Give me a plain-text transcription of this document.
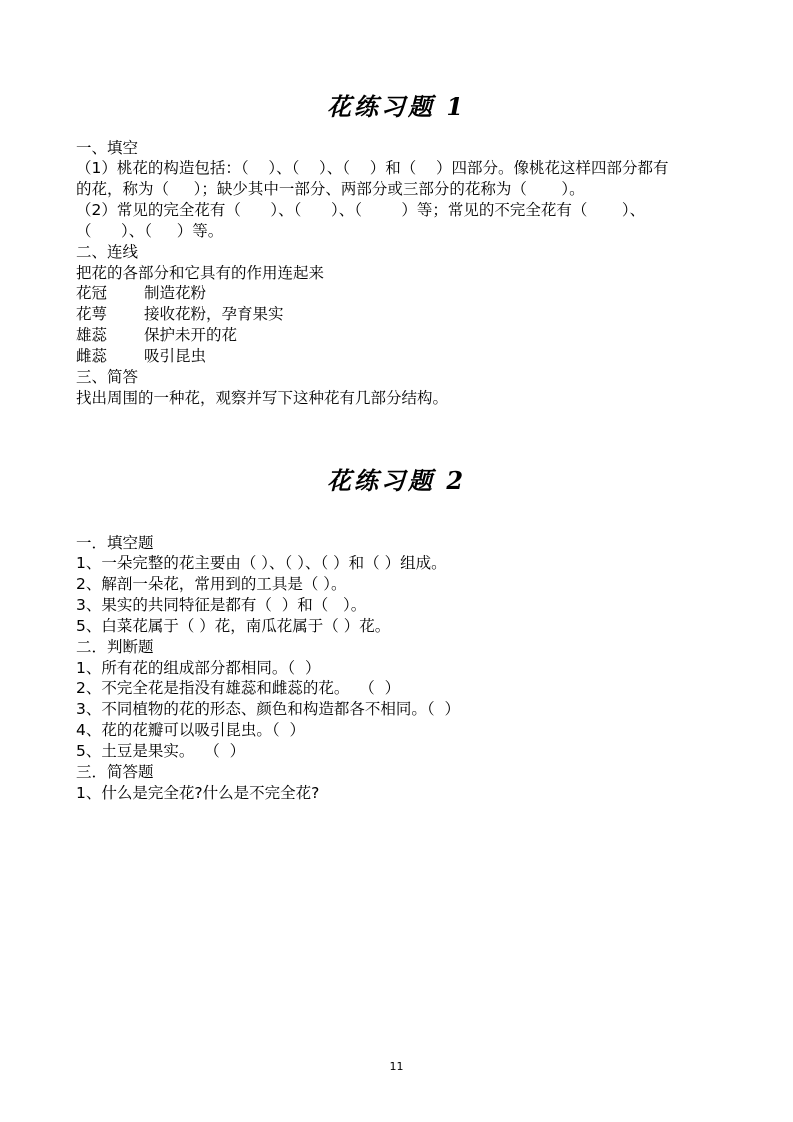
花练习题 1
一、填空
（1）桃花的构造包括：（    ）、（    ）、（    ）和（    ）四部分。像桃花这样四部分都有
的花，称为（     ）；缺少其中一部分、两部分或三部分的花称为（       ）。
（2）常见的完全花有（      ）、（      ）、（        ）等；常见的不完全花有（       ）、
（      ）、（     ）等。
二、连线
把花的各部分和它具有的作用连起来
花冠 制造花粉
花萼 接收花粉，孕育果实
雄蕊 保护未开的花
雌蕊 吸引昆虫
三、简答
找出周围的一种花，观察并写下这种花有几部分结构。
花练习题 2
一．填空题
1、一朵完整的花主要由（ ）、（ ）、（ ）和（ ）组成。
2、解剖一朵花，常用到的工具是（ ）。
3、果实的共同特征是都有（  ）和（   ）。
5、白菜花属于（ ）花，南瓜花属于（ ）花。
二．判断题
1、所有花的组成部分都相同。（  ）
2、不完全花是指没有雄蕊和雌蕊的花。  （  ）
3、不同植物的花的形态、颜色和构造都各不相同。（  ）
4、花的花瓣可以吸引昆虫。（  ）
5、土豆是果实。  （  ）
三．简答题
1、什么是完全花?什么是不完全花?
11
